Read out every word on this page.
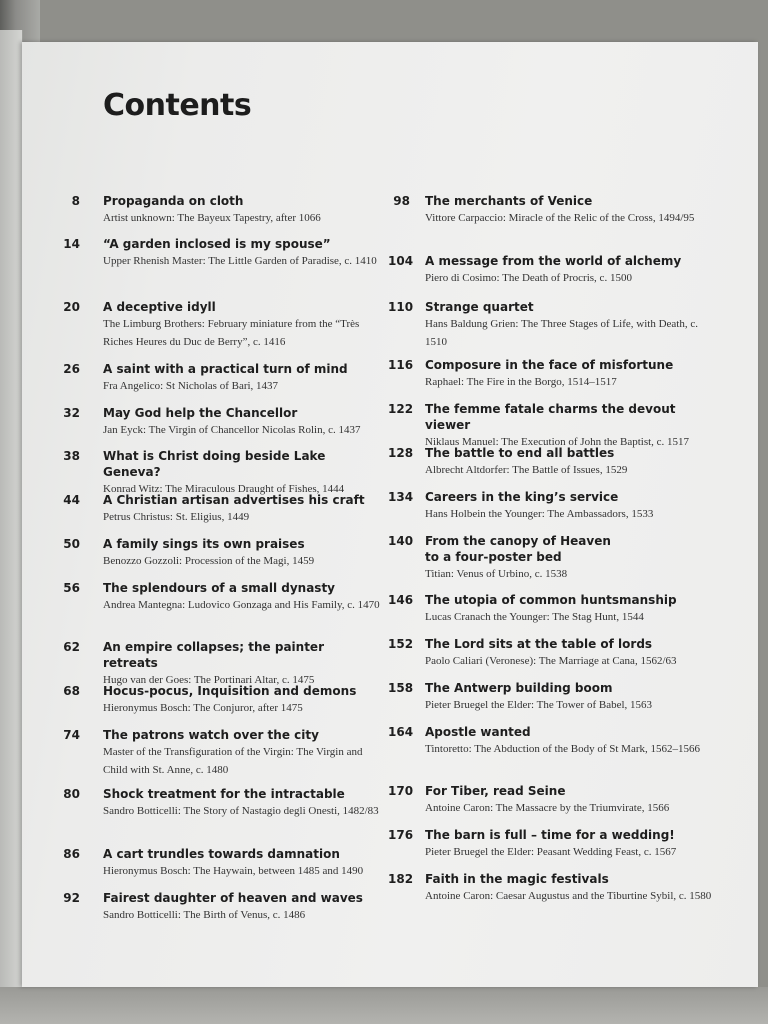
Contents
8 Propaganda on cloth
Artist unknown: The Bayeux Tapestry, after 1066
14 “A garden inclosed is my spouse”
Upper Rhenish Master: The Little Garden of Paradise, c. 1410
20 A deceptive idyll
The Limburg Brothers: February miniature from the “Très Riches Heures du Duc de Berry”, c. 1416
26 A saint with a practical turn of mind
Fra Angelico: St Nicholas of Bari, 1437
32 May God help the Chancellor
Jan Eyck: The Virgin of Chancellor Nicolas Rolin, c. 1437
38 What is Christ doing beside Lake Geneva?
Konrad Witz: The Miraculous Draught of Fishes, 1444
44 A Christian artisan advertises his craft
Petrus Christus: St. Eligius, 1449
50 A family sings its own praises
Benozzo Gozzoli: Procession of the Magi, 1459
56 The splendours of a small dynasty
Andrea Mantegna: Ludovico Gonzaga and His Family, c. 1470
62 An empire collapses; the painter retreats
Hugo van der Goes: The Portinari Altar, c. 1475
68 Hocus-pocus, Inquisition and demons
Hieronymus Bosch: The Conjuror, after 1475
74 The patrons watch over the city
Master of the Transfiguration of the Virgin: The Virgin and Child with St. Anne, c. 1480
80 Shock treatment for the intractable
Sandro Botticelli: The Story of Nastagio degli Onesti, 1482/83
86 A cart trundles towards damnation
Hieronymus Bosch: The Haywain, between 1485 and 1490
92 Fairest daughter of heaven and waves
Sandro Botticelli: The Birth of Venus, c. 1486
98 The merchants of Venice
Vittore Carpaccio: Miracle of the Relic of the Cross, 1494/95
104 A message from the world of alchemy
Piero di Cosimo: The Death of Procris, c. 1500
110 Strange quartet
Hans Baldung Grien: The Three Stages of Life, with Death, c. 1510
116 Composure in the face of misfortune
Raphael: The Fire in the Borgo, 1514–1517
122 The femme fatale charms the devout viewer
Niklaus Manuel: The Execution of John the Baptist, c. 1517
128 The battle to end all battles
Albrecht Altdorfer: The Battle of Issues, 1529
134 Careers in the king’s service
Hans Holbein the Younger: The Ambassadors, 1533
140 From the canopy of Heaven to a four-poster bed
Titian: Venus of Urbino, c. 1538
146 The utopia of common huntsmanship
Lucas Cranach the Younger: The Stag Hunt, 1544
152 The Lord sits at the table of lords
Paolo Caliari (Veronese): The Marriage at Cana, 1562/63
158 The Antwerp building boom
Pieter Bruegel the Elder: The Tower of Babel, 1563
164 Apostle wanted
Tintoretto: The Abduction of the Body of St Mark, 1562–1566
170 For Tiber, read Seine
Antoine Caron: The Massacre by the Triumvirate, 1566
176 The barn is full – time for a wedding!
Pieter Bruegel the Elder: Peasant Wedding Feast, c. 1567
182 Faith in the magic festivals
Antoine Caron: Caesar Augustus and the Tiburtine Sybil, c. 1580
